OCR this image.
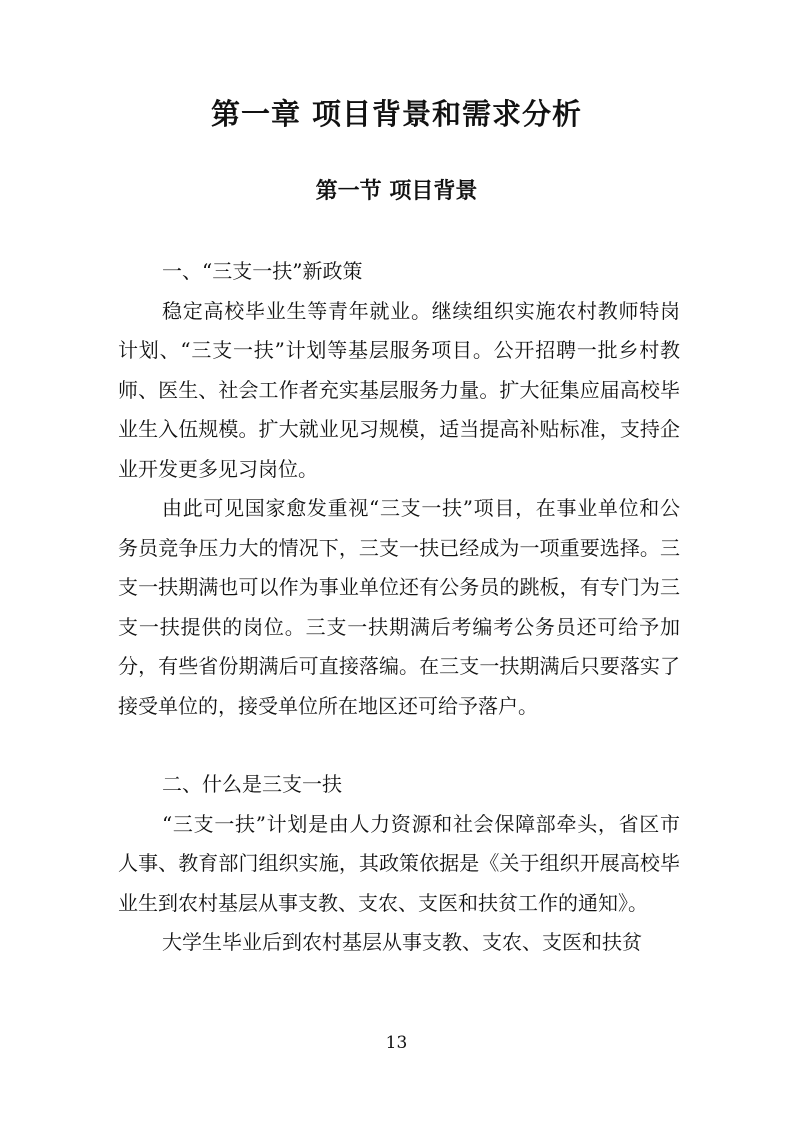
第一章 项目背景和需求分析
第一节 项目背景

一、“三支一扶”新政策

稳定高校毕业生等青年就业。继续组织实施农村教师特岗计划、“三支一扶”计划等基层服务项目。公开招聘一批乡村教师、医生、社会工作者充实基层服务力量。扩大征集应届高校毕业生入伍规模。扩大就业见习规模，适当提高补贴标准，支持企业开发更多见习岗位。

由此可见国家愈发重视“三支一扶”项目，在事业单位和公务员竞争压力大的情况下，三支一扶已经成为一项重要选择。三支一扶期满也可以作为事业单位还有公务员的跳板，有专门为三支一扶提供的岗位。三支一扶期满后考编考公务员还可给予加分，有些省份期满后可直接落编。在三支一扶期满后只要落实了接受单位的，接受单位所在地区还可给予落户。

二、什么是三支一扶

“三支一扶”计划是由人力资源和社会保障部牵头，省区市人事、教育部门组织实施，其政策依据是《关于组织开展高校毕业生到农村基层从事支教、支农、支医和扶贫工作的通知》。

大学生毕业后到农村基层从事支教、支农、支医和扶贫

13
